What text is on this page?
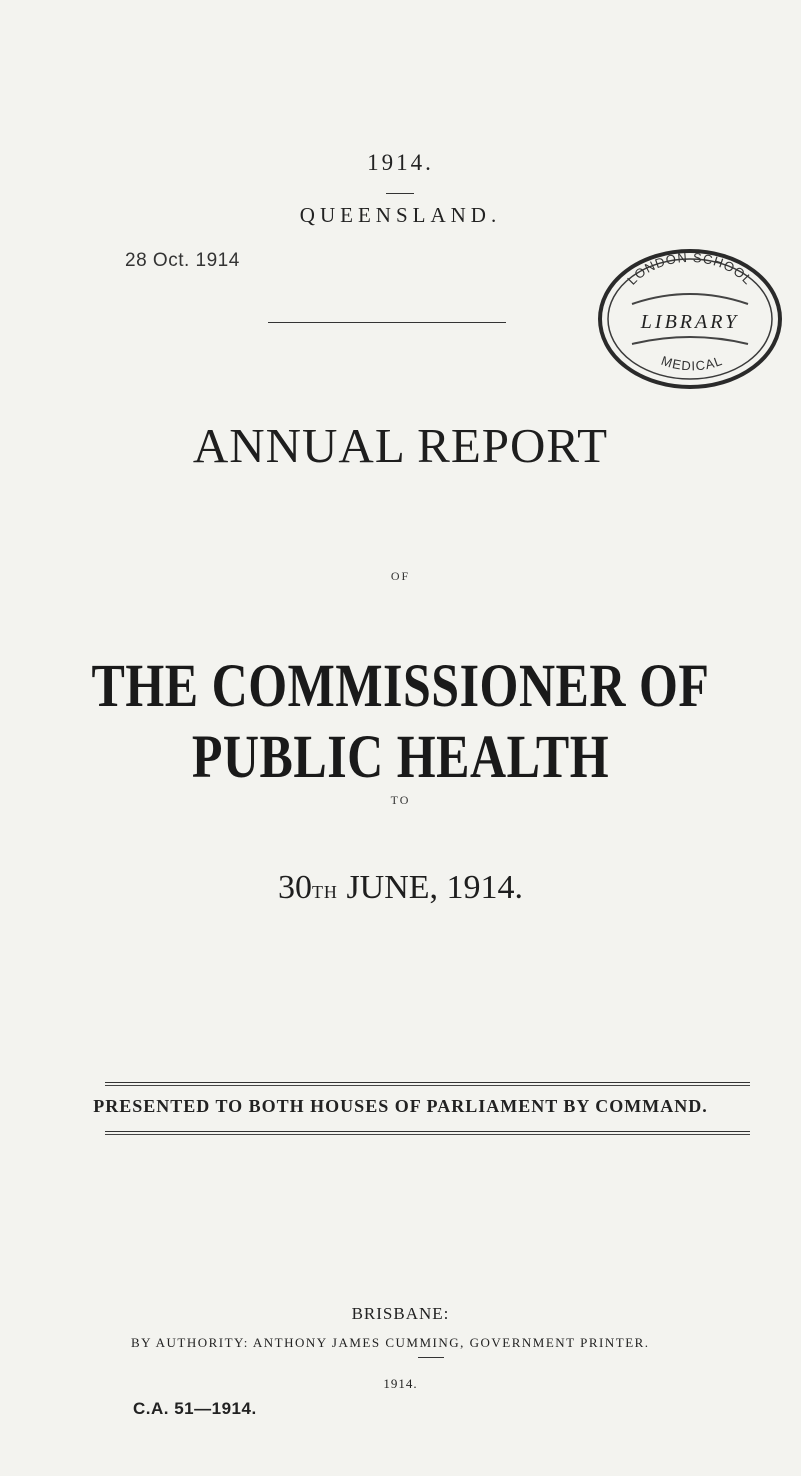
1914.
QUEENSLAND.
28 Oct. 1914
LONDON SCHOOL
LIBRARY
MEDICAL
ANNUAL REPORT
OF
THE COMMISSIONER OF PUBLIC HEALTH
TO
30TH JUNE, 1914.
PRESENTED TO BOTH HOUSES OF PARLIAMENT BY COMMAND.
BRISBANE:
BY AUTHORITY: ANTHONY JAMES CUMMING, GOVERNMENT PRINTER.
1914.
C.A. 51—1914.
